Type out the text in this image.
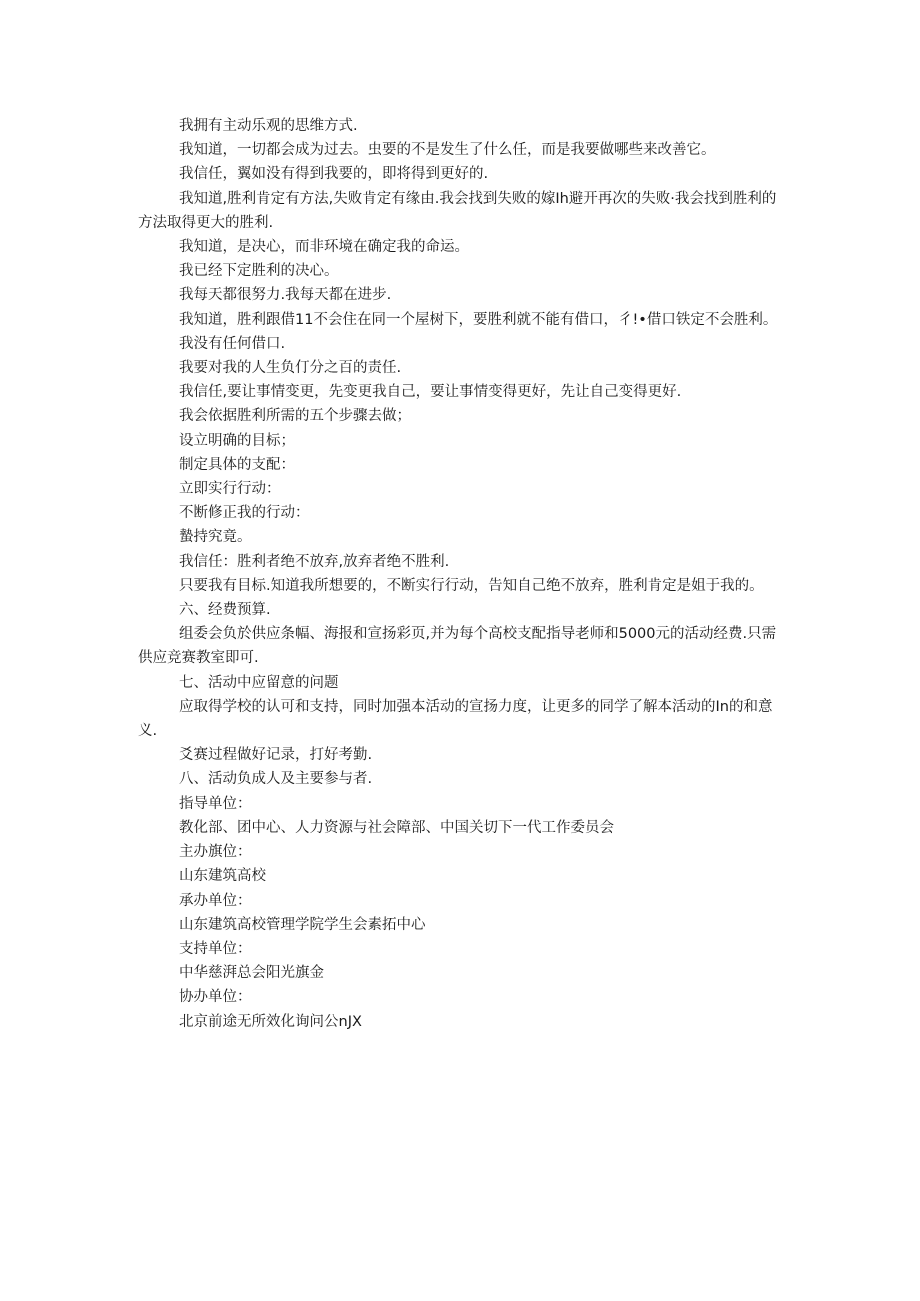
我拥有主动乐观的思维方式.

我知道，一切都会成为过去。虫要的不是发生了什么任，而是我要做哪些来改善它。

我信任，翼如没有得到我要的，即将得到更好的.

我知道,胜利肯定有方法,失败肯定有缘由.我会找到失败的嫁Ih避开再次的失败·我会找到胜利的方法取得更大的胜利.

我知道，是决心，而非环境在确定我的命运。

我已经下定胜利的决心。

我每天都很努力.我每天都在进步.

我知道，胜利跟借11不会住在同一个屋树下，要胜利就不能有借口，彳!•借口铁定不会胜利。

我没有任何借口.

我要对我的人生负仃分之百的责任.

我信任,要让事情变更，先变更我自己，要让事情变得更好，先让自己变得更好.

我会依据胜利所需的五个步骤去做；

设立明确的目标；

制定具体的支配：

立即实行行动：

不断修正我的行动：

蟄持究竟。

我信任：胜利者绝不放弃,放弃者绝不胜利.

只要我有目标.知道我所想要的，不断实行行动，告知自己绝不放弃，胜利肯定是姐于我的。

六、经费预算.

组委会负於供应条幅、海报和宣扬彩页,并为每个高校支配指导老师和5000元的活动经费.只需供应竞赛教室即可.

七、活动中应留意的问题

应取得学校的认可和支持，同时加强本活动的宣扬力度，让更多的同学了解本活动的In的和意义.

爻赛过程做好记录，打好考勤.

八、活动负成人及主要参与者.

指导单位：

教化部、团中心、人力资源与社会障部、中国关切下一代工作委员会

主办旗位：

山东建筑高校

承办单位：

山东建筑高校管理学院学生会素拓中心

支持单位：

中华慈湃总会阳光旗金

协办单位：

北京前途无所效化询问公nJX
